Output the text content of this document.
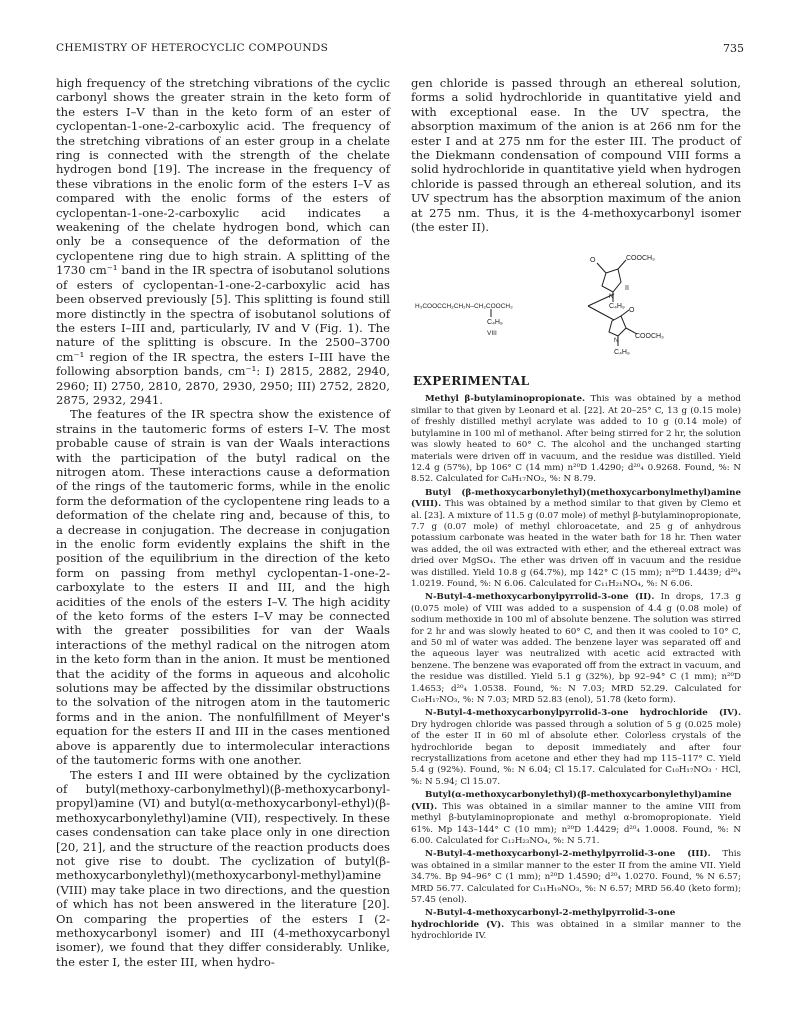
CHEMISTRY OF HETEROCYCLIC COMPOUNDS	735

high frequency of the stretching vibrations of the cyclic carbonyl shows the greater strain in the keto form of the esters I–V than in the keto form of an ester of cyclopentan-1-one-2-carboxylic acid. The frequency of the stretching vibrations of an ester group in a chelate ring is connected with the strength of the chelate hydrogen bond [19]. The increase in the frequency of these vibrations in the enolic form of the esters I–V as compared with the enolic forms of the esters of cyclopentan-1-one-2-carboxylic acid indicates a weakening of the chelate hydrogen bond, which can only be a consequence of the deformation of the cyclopentene ring due to high strain. A splitting of the 1730 cm⁻¹ band in the IR spectra of isobutanol solutions of esters of cyclopentan-1-one-2-carboxylic acid has been observed previously [5]. This splitting is found still more distinctly in the spectra of isobutanol solutions of the esters I–III and, particularly, IV and V (Fig. 1). The nature of the splitting is obscure. In the 2500–3700 cm⁻¹ region of the IR spectra, the esters I–III have the following absorption bands, cm⁻¹: I) 2815, 2882, 2940, 2960; II) 2750, 2810, 2870, 2930, 2950; III) 2752, 2820, 2875, 2932, 2941.

The features of the IR spectra show the existence of strains in the tautomeric forms of esters I–V. The most probable cause of strain is van der Waals interactions with the participation of the butyl radical on the nitrogen atom. These interactions cause a deformation of the rings of the tautomeric forms, while in the enolic form the deformation of the cyclopentene ring leads to a deformation of the chelate ring and, because of this, to a decrease in conjugation. The decrease in conjugation in the enolic form evidently explains the shift in the position of the equilibrium in the direction of the keto form on passing from methyl cyclopentan-1-one-2-carboxylate to the esters II and III, and the high acidities of the enols of the esters I–V. The high acidity of the keto forms of the esters I–V may be connected with the greater possibilities for van der Waals interactions of the methyl radical on the nitrogen atom in the keto form than in the anion. It must be mentioned that the acidity of the forms in aqueous and alcoholic solutions may be affected by the dissimilar obstructions to the solvation of the nitrogen atom in the tautomeric forms and in the anion. The nonfulfillment of Meyer's equation for the esters II and III in the cases mentioned above is apparently due to intermolecular interactions of the tautomeric forms with one another.

The esters I and III were obtained by the cyclization of butyl(methoxy-carbonylmethyl)(β-methoxycarbonyl-propyl)amine (VI) and butyl(α-methoxycarbonyl-ethyl)(β-methoxycarbonylethyl)amine (VII), respectively. In these cases condensation can take place only in one direction [20, 21], and the structure of the reaction products does not give rise to doubt. The cyclization of butyl(β-methoxycarbonylethyl)(methoxycarbonyl-methyl)amine (VIII) may take place in two directions, and the question of which has not been answered in the literature [20]. On comparing the properties of the esters I (2-methoxycarbonyl isomer) and III (4-methoxycarbonyl isomer), we found that they differ considerably. Unlike, the ester I, the ester III, when hydro-

gen chloride is passed through an ethereal solution, forms a solid hydrochloride in quantitative yield and with exceptional ease. In the UV spectra, the absorption maximum of the anion is at 266 nm for the ester I and at 275 nm for the ester III. The product of the Diekmann condensation of compound VIII forms a solid hydrochloride in quantitative yield when hydrogen chloride is passed through an ethereal solution, and its UV spectrum has the absorption maximum of the anion at 275 nm. Thus, it is the 4-methoxycarbonyl isomer (the ester II).

COOCH₃
O
II
N
C₄H₉
H₃COOCCH₂CH₂N–CH₂COOCH₃
C₄H₉
VIII
O
COOCH₃
N
C₄H₉
EXPERIMENTAL

Methyl β-butylaminopropionate. This was obtained by a method similar to that given by Leonard et al. [22]. At 20–25° C, 13 g (0.15 mole) of freshly distilled methyl acrylate was added to 10 g (0.14 mole) of butylamine in 100 ml of methanol. After being stirred for 2 hr, the solution was slowly heated to 60° C. The alcohol and the unchanged starting materials were driven off in vacuum, and the residue was distilled. Yield 12.4 g (57%), bp 106° C (14 mm) n²⁰D 1.4290; d²⁰₄ 0.9268. Found, %: N 8.52. Calculated for C₈H₁₇NO₂, %: N 8.79.

Butyl (β-methoxycarbonylethyl)(methoxycarbonylmethyl)amine (VIII). This was obtained by a method similar to that given by Clemo et al. [23]. A mixture of 11.5 g (0.07 mole) of methyl β-butylaminopropionate, 7.7 g (0.07 mole) of methyl chloroacetate, and 25 g of anhydrous potassium carbonate was heated in the water bath for 18 hr. Then water was added, the oil was extracted with ether, and the ethereal extract was dried over MgSO₄. The ether was driven off in vacuum and the residue was distilled. Yield 10.8 g (64.7%), mp 142° C (15 mm); n²⁰D 1.4439; d²⁰₄ 1.0219. Found, %: N 6.06. Calculated for C₁₁H₂₁NO₄, %: N 6.06.

N-Butyl-4-methoxycarbonylpyrrolid-3-one (II). In drops, 17.3 g (0.075 mole) of VIII was added to a suspension of 4.4 g (0.08 mole) of sodium methoxide in 100 ml of absolute benzene. The solution was stirred for 2 hr and was slowly heated to 60° C, and then it was cooled to 10° C, and 50 ml of water was added. The benzene layer was separated off and the aqueous layer was neutralized with acetic acid extracted with benzene. The benzene was evaporated off from the extract in vacuum, and the residue was distilled. Yield 5.1 g (32%), bp 92–94° C (1 mm); n²⁰D 1.4653; d²⁰₄ 1.0538. Found, %: N 7.03; MRD 52.29. Calculated for C₁₀H₁₇NO₃, %: N 7.03; MRD 52.83 (enol), 51.78 (keto form).

N-Butyl-4-methoxycarbonylpyrrolid-3-one hydrochloride (IV). Dry hydrogen chloride was passed through a solution of 5 g (0.025 mole) of the ester II in 60 ml of absolute ether. Colorless crystals of the hydrochloride began to deposit immediately and after four recrystallizations from acetone and ether they had mp 115–117° C. Yield 5.4 g (92%). Found, %: N 6.04; Cl 15.17. Calculated for C₁₀H₁₇NO₃ · HCl, %: N 5.94; Cl 15.07.

Butyl(α-methoxycarbonylethyl)(β-methoxycarbonylethyl)amine (VII). This was obtained in a similar manner to the amine VIII from methyl β-butylaminopropionate and methyl α-bromopropionate. Yield 61%. Mp 143–144° C (10 mm); n²⁰D 1.4429; d²⁰₄ 1.0008. Found, %: N 6.00. Calculated for C₁₂H₂₃NO₄, %: N 5.71.

N-Butyl-4-methoxycarbonyl-2-methylpyrrolid-3-one (III). This was obtained in a similar manner to the ester II from the amine VII. Yield 34.7%. Bp 94–96° C (1 mm); n²⁰D 1.4590; d²⁰₄ 1.0270. Found, % N 6.57; MRD 56.77. Calculated for C₁₁H₁₉NO₃, %: N 6.57; MRD 56.40 (keto form); 57.45 (enol).

N-Butyl-4-methoxycarbonyl-2-methylpyrrolid-3-one hydrochloride (V). This was obtained in a similar manner to the hydrochloride IV.
